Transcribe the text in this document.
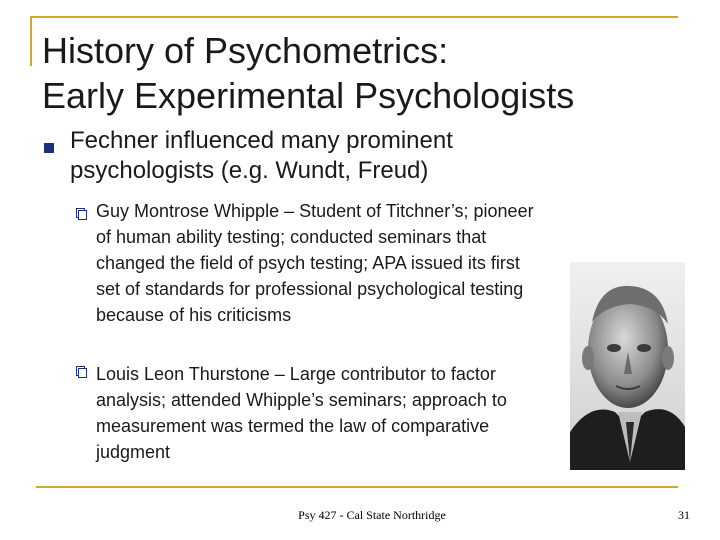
History of Psychometrics:
Early Experimental Psychologists
Fechner influenced many prominent psychologists (e.g. Wundt, Freud)
Guy Montrose Whipple – Student of Titchner’s; pioneer of human ability testing; conducted seminars that changed the field of psych testing; APA issued its first set of standards for professional psychological testing because of his criticisms
Louis Leon Thurstone – Large contributor to factor analysis; attended Whipple’s seminars; approach to measurement was termed the law of comparative judgment
Psy 427 - Cal State Northridge	31
